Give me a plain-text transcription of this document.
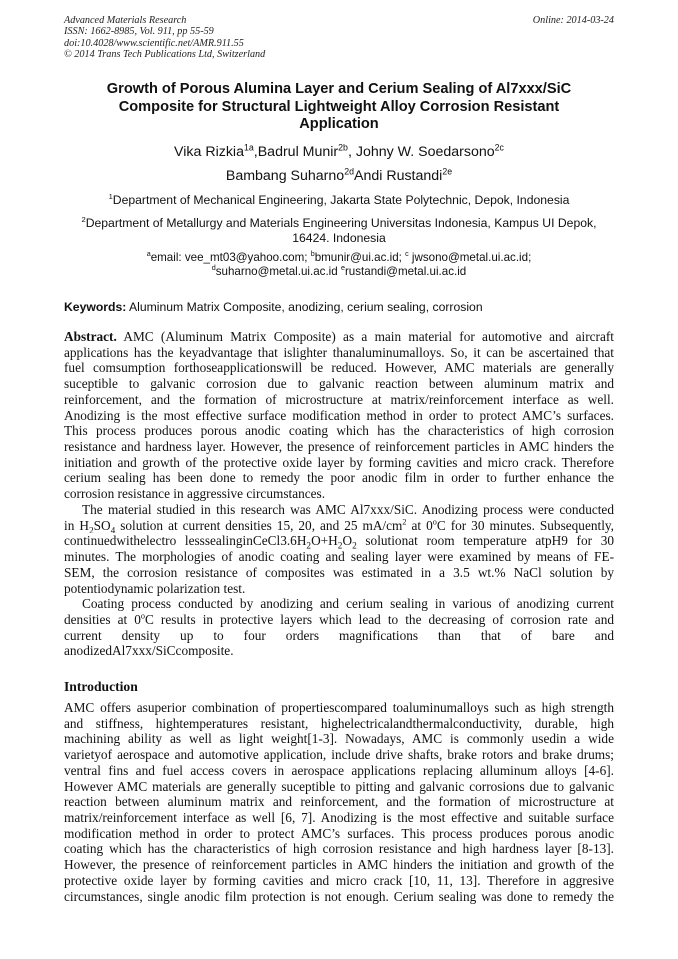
Advanced Materials Research
ISSN: 1662-8985, Vol. 911, pp 55-59
doi:10.4028/www.scientific.net/AMR.911.55
© 2014 Trans Tech Publications Ltd, Switzerland
Online: 2014-03-24
Growth of Porous Alumina Layer and Cerium Sealing of Al7xxx/SiC
Composite for Structural Lightweight Alloy Corrosion Resistant
Application
Vika Rizkia$^{1a}$,Badrul Munir$^{2b}$, Johny W. Soedarsono$^{2c}$
Bambang Suharno$^{2d}$Andi Rustandi$^{2e}$
$^1$Department of Mechanical Engineering, Jakarta State Polytechnic, Depok, Indonesia
$^2$Department of Metallurgy and Materials Engineering Universitas Indonesia, Kampus UI Depok,
16424. Indonesia
$^a$email: vee_mt03@yahoo.com; $^b$bmunir@ui.ac.id; $^c$ jwsono@metal.ui.ac.id;
$^d$suharno@metal.ui.ac.id $^e$rustandi@metal.ui.ac.id
Keywords: Aluminum Matrix Composite, anodizing, cerium sealing, corrosion
Abstract. AMC (Aluminum Matrix Composite) as a main material for automotive and aircraft
applications has the keyadvantage that islighter thanaluminumalloys. So, it can be ascertained that
fuel comsumption forthoseapplicationswill be reduced. However, AMC materials are generally
suceptible to galvanic corrosion due to galvanic reaction between aluminum matrix and
reinforcement, and the formation of microstructure at matrix/reinforcement interface as well.
Anodizing is the most effective surface modification method in order to protect AMC’s surfaces.
This process produces porous anodic coating which has the characteristics of high corrosion
resistance and hardness layer. However, the presence of reinforcement particles in AMC hinders the
initiation and growth of the protective oxide layer by forming cavities and micro crack. Therefore
cerium sealing has been done to remedy the poor anodic film in order to further enhance the
corrosion resistance in aggressive circumstances.
The material studied in this research was AMC Al7xxx/SiC. Anodizing process were conducted
in $H_2SO_4$ solution at current densities 15, 20, and 25 $mA/cm^2$ at 0$^o$C for 30 minutes. Subsequently,
continuedwithelectro $lesssealinginCeCl3.6H_2O+H_2O_2$ solutionat room temperature atpH9 for 30
minutes. The morphologies of anodic coating and sealing layer were examined by means of FE-
SEM, the corrosion resistance of composites was estimated in a 3.5 wt.% NaCl solution by
potentiodynamic polarization test.
Coating process conducted by anodizing and cerium sealing in various of anodizing current
densities at 0$^o$C results in protective layers which lead to the decreasing of corrosion rate and
current density up to four orders magnifications than that of bare and
anodizedAl7xxx/SiCcomposite.
Introduction
AMC offers asuperior combination of propertiescompared toaluminumalloys such as high strength
and stiffness, hightemperatures resistant, highelectricalandthermalconductivity, durable, high
machining ability as well as light weight[1-3]. Nowadays, AMC is commonly usedin a wide
varietyof aerospace and automotive application, include drive shafts, brake rotors and brake drums;
ventral fins and fuel access covers in aerospace applications replacing alluminum alloys [4-6].
However AMC materials are generally suceptible to pitting and galvanic corrosions due to galvanic
reaction between aluminum matrix and reinforcement, and the formation of microstructure at
matrix/reinforcement interface as well [6, 7]. Anodizing is the most effective and suitable surface
modification method in order to protect AMC’s surfaces. This process produces porous anodic
coating which has the characteristics of high corrosion resistance and high hardness layer [8-13].
However, the presence of reinforcement particles in AMC hinders the initiation and growth of the
protective oxide layer by forming cavities and micro crack [10, 11, 13]. Therefore in aggresive
circumstances, single anodic film protection is not enough. Cerium sealing was done to remedy the
